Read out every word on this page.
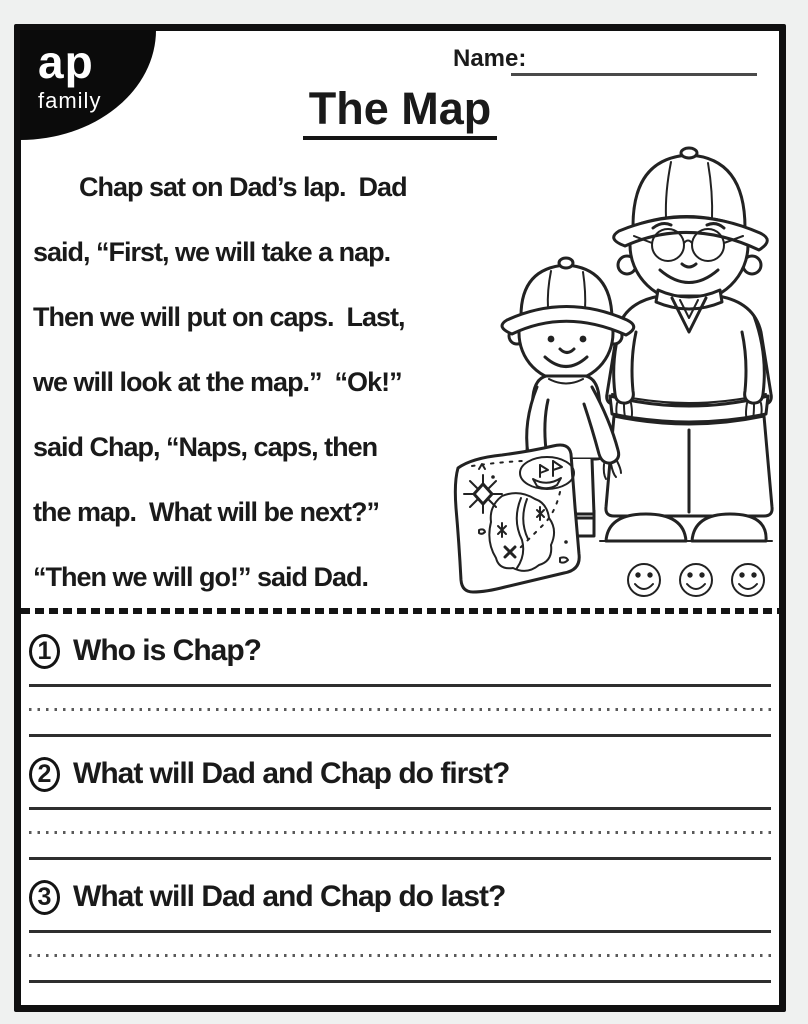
ap
family
Name:
The Map
Chap sat on Dad’s lap.  Dad
said, “First, we will take a nap.
Then we will put on caps.  Last,
we will look at the map.”  “Ok!”
said Chap, “Naps, caps, then
the map.  What will be next?”
“Then we will go!” said Dad.
1 Who is Chap?
2 What will Dad and Chap do first?
3 What will Dad and Chap do last?
